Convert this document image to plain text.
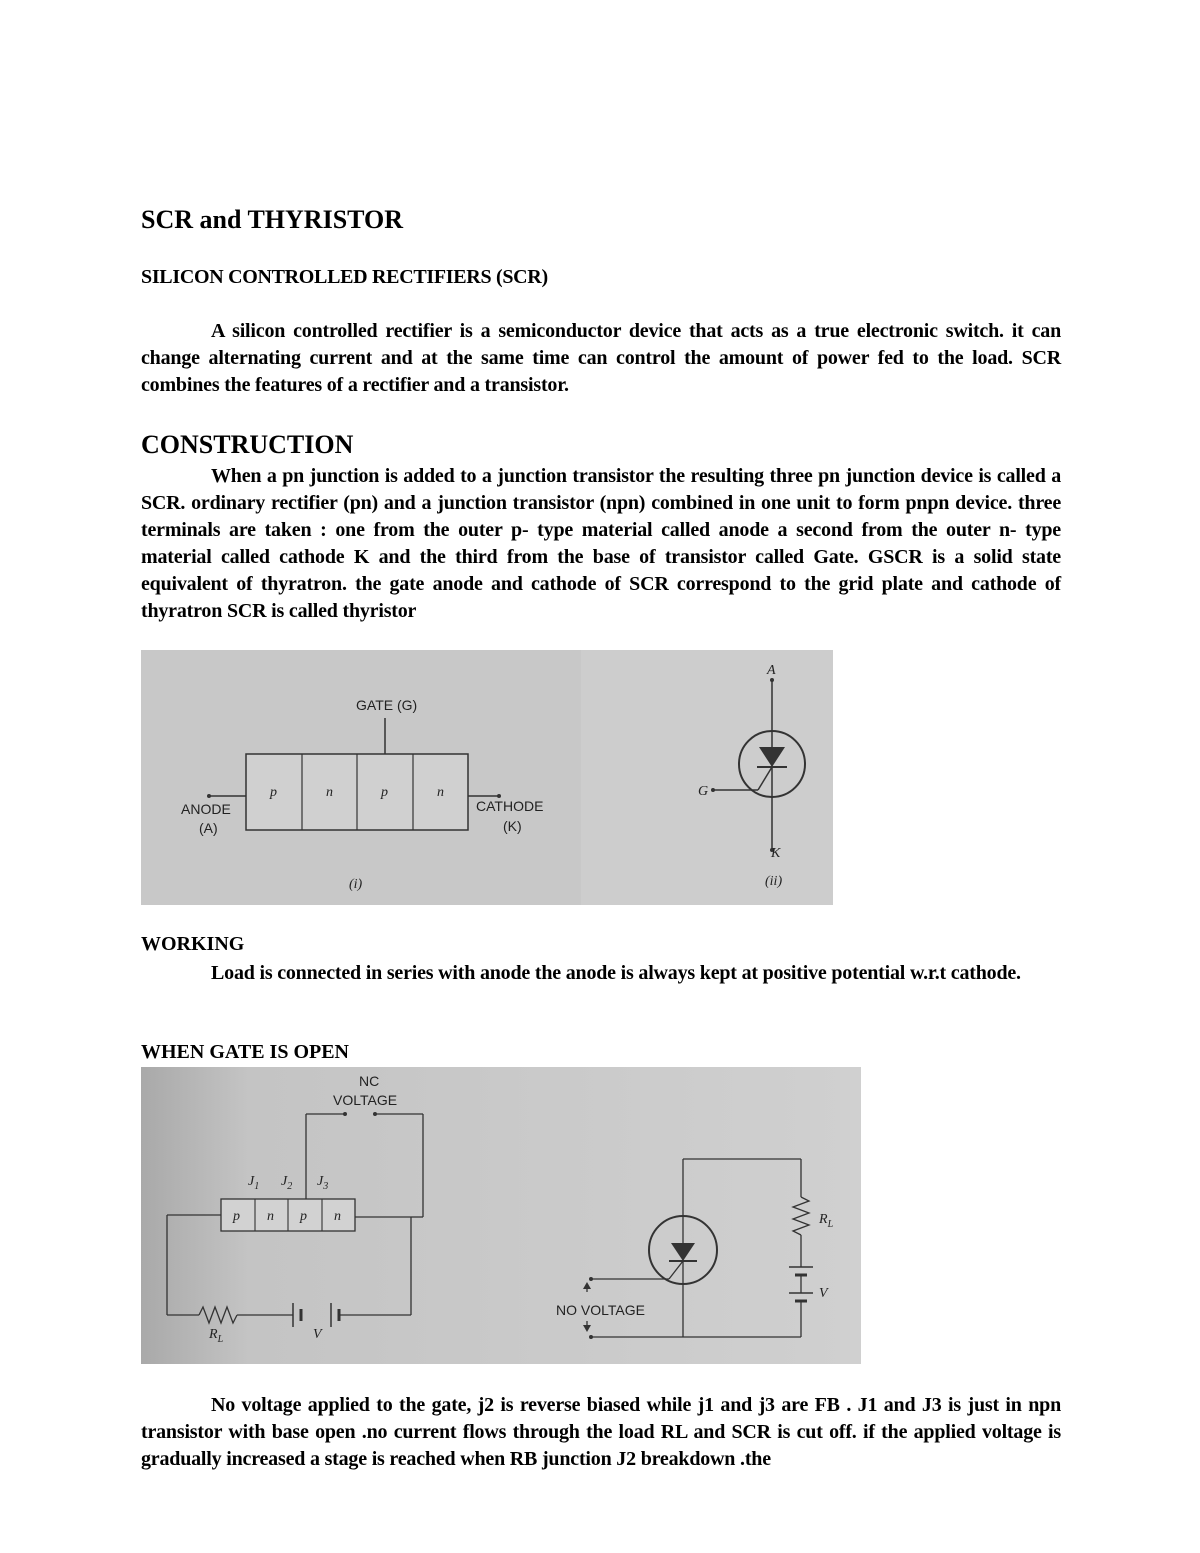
SCR and THYRISTOR
SILICON CONTROLLED RECTIFIERS (SCR)

A silicon controlled rectifier is a semiconductor device that acts as a true electronic switch. it can change alternating current and at the same time can control the amount of power fed to the load. SCR combines the features of a rectifier and a transistor.

CONSTRUCTION

When a pn junction is added to a junction transistor the resulting three pn junction device is called a SCR. ordinary rectifier (pn) and a junction transistor (npn) combined in one unit to form pnpn device. three terminals are taken : one from the outer p- type material called anode a second from the outer n- type material called cathode K and the third from the base of transistor called Gate. GSCR is a solid state equivalent of thyratron. the gate anode and cathode of SCR correspond to the grid plate and cathode of thyratron SCR is called thyristor

GATE (G)
p	n	p	n
ANODE
(A)
CATHODE
(K)
(i)
A
G
K
(ii)
WORKING

Load is connected in series with anode the anode is always kept at positive potential w.r.t cathode.

WHEN GATE IS OPEN
NC
VOLTAGE
$J_1$ $J_2$ $J_3$
p n p n
$R_L$	V
NO VOLTAGE
$R_L$
V

No voltage applied to the gate, j2 is reverse biased while j1 and j3 are FB . J1 and J3 is just in npn transistor with base open .no current flows through the load RL and SCR is cut off. if the applied voltage is gradually increased a stage is reached when RB junction J2 breakdown .the
